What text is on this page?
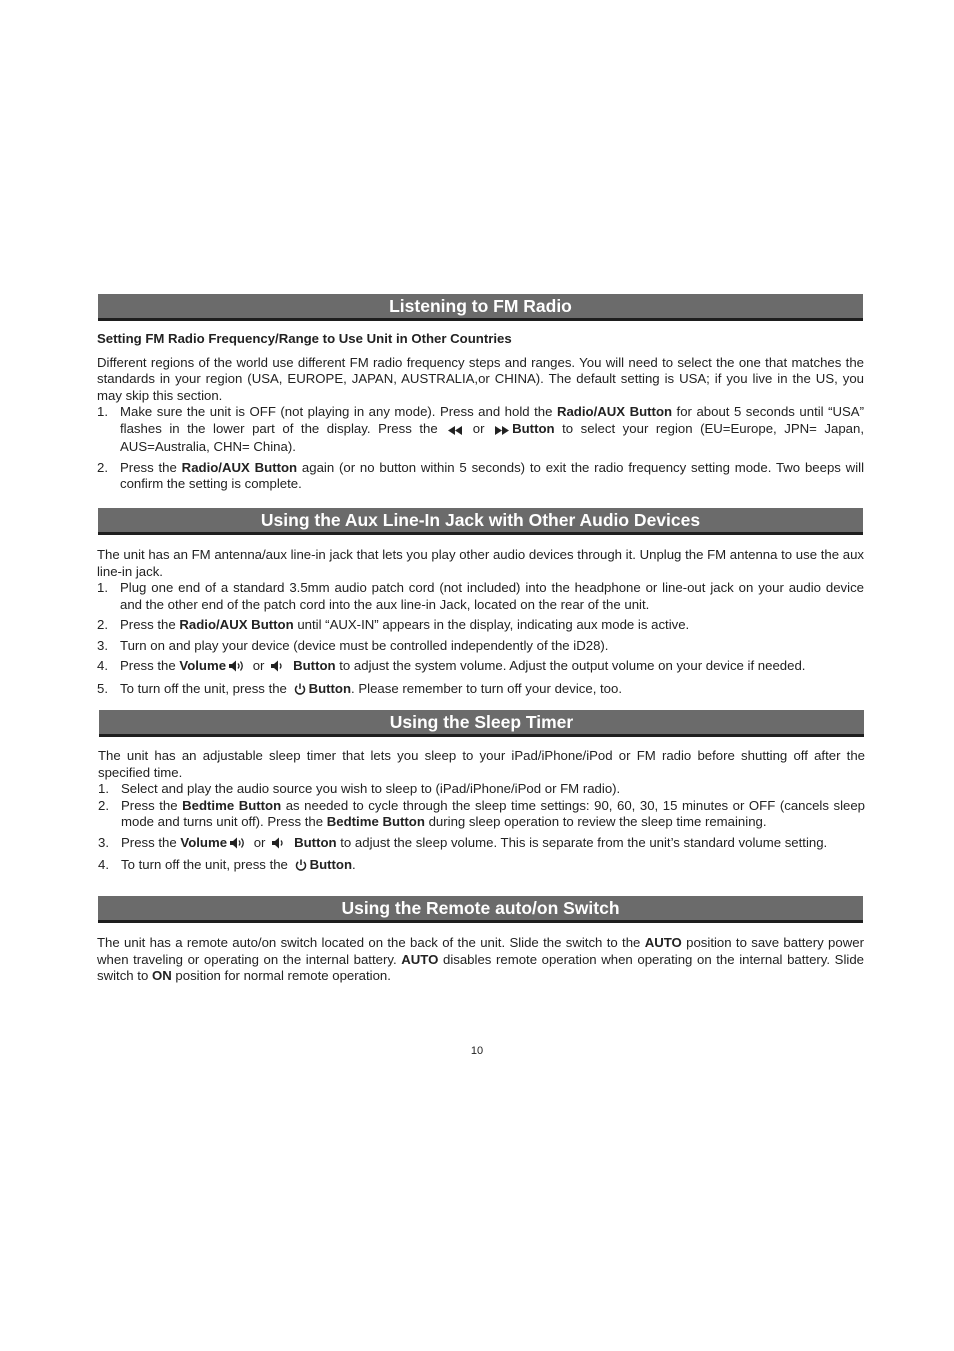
Listening to FM Radio
Setting FM Radio Frequency/Range to Use Unit in Other Countries

Different regions of the world use different FM radio frequency steps and ranges. You will need to select the one that matches the standards in your region (USA, EUROPE, JAPAN, AUSTRALIA,or CHINA). The default setting is USA; if you live in the US, you may skip this section.

1. Make sure the unit is OFF (not playing in any mode). Press and hold the Radio/AUX Button for about 5 seconds until “USA” flashes in the lower part of the display. Press the  or Button to select your region (EU=Europe, JPN= Japan, AUS=Australia, CHN= China).
2. Press the Radio/AUX Button again (or no button within 5 seconds) to exit the radio frequency setting mode. Two beeps will confirm the setting is complete.
Using the Aux Line-In Jack with Other Audio Devices

The unit has an FM antenna/aux line-in jack that lets you play other audio devices through it. Unplug the FM antenna to use the aux line-in jack.

1. Plug one end of a standard 3.5mm audio patch cord (not included) into the headphone or line-out jack on your audio device and the other end of the patch cord into the aux line-in Jack, located on the rear of the unit.
2. Press the Radio/AUX Button until “AUX-IN” appears in the display, indicating aux mode is active.
3. Turn on and play your device (device must be controlled independently of the iD28).
4. Press the Volume or Button to adjust the system volume. Adjust the output volume on your device if needed.
5. To turn off the unit, press the Button. Please remember to turn off your device, too.
Using the Sleep Timer

The unit has an adjustable sleep timer that lets you sleep to your iPad/iPhone/iPod or FM radio before shutting off after the specified time.

1. Select and play the audio source you wish to sleep to (iPad/iPhone/iPod or FM radio).
2. Press the Bedtime Button as needed to cycle through the sleep time settings: 90, 60, 30, 15 minutes or OFF (cancels sleep mode and turns unit off). Press the Bedtime Button during sleep operation to review the sleep time remaining.
3. Press the Volume or Button to adjust the sleep volume. This is separate from the unit’s standard volume setting.
4. To turn off the unit, press the Button.
Using the Remote auto/on Switch

The unit has a remote auto/on switch located on the back of the unit. Slide the switch to the AUTO position to save battery power when traveling or operating on the internal battery. AUTO disables remote operation when operating on the internal battery. Slide switch to ON position for normal remote operation.

10
